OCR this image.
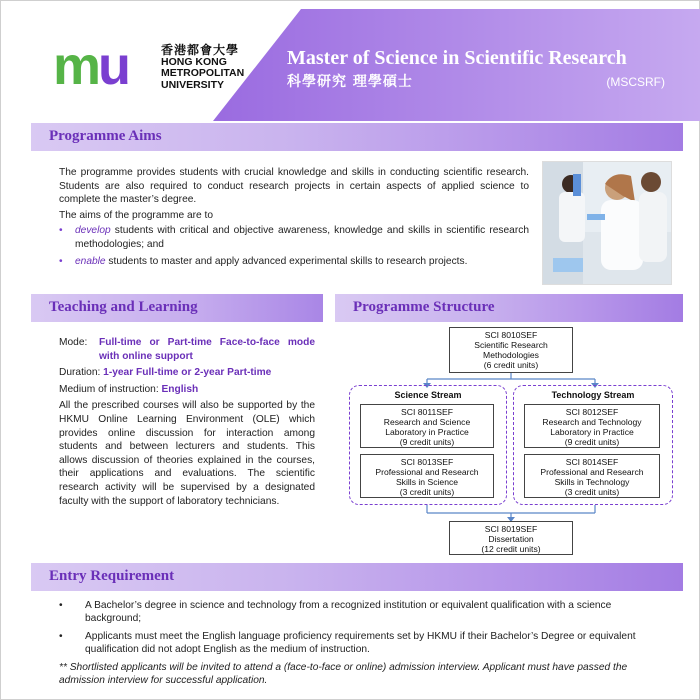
mu	香港都會大學
HONG KONG
METROPOLITAN
UNIVERSITY
Master of Science in Scientific Research
科學研究 理學碩士	(MSCSRF)
Programme Aims

The programme provides students with crucial knowledge and skills in conducting scientific research. Students are also required to conduct research projects in certain aspects of applied science to complete the master’s degree.

The aims of the programme are to

• develop students with critical and objective awareness, knowledge and skills in scientific research methodologies; and
• enable students to master and apply advanced experimental skills to research projects.
Teaching and Learning
Mode:	Full-time or Part-time Face-to-face mode with online support
Duration: 1-year Full-time or 2-year Part-time
Medium of instruction: English
All the prescribed courses will also be supported by the HKMU Online Learning Environment (OLE) which provides online discussion for interaction among students and between lecturers and students. This allows discussion of theories explained in the courses, their applications and evaluations. The scientific research activity will be supervised by a designated faculty with the support of laboratory technicians.
Programme Structure
SCI 8010SEF
Scientific Research
Methodologies
(6 credit units)
Science Stream
SCI 8011SEF
Research and Science
Laboratory in Practice
(9 credit units)
SCI 8013SEF
Professional and Research
Skills in Science
(3 credit units)
Technology Stream
SCI 8012SEF
Research and Technology
Laboratory in Practice
(9 credit units)
SCI 8014SEF
Professional and Research
Skills in Technology
(3 credit units)
SCI 8019SEF
Dissertation
(12 credit units)
Entry Requirement
• A Bachelor’s degree in science and technology from a recognized institution or equivalent qualification with a science background;
• Applicants must meet the English language proficiency requirements set by HKMU if their Bachelor’s Degree or equivalent qualification did not adopt English as the medium of instruction.
** Shortlisted applicants will be invited to attend a (face-to-face or online) admission interview. Applicant must have passed the admission interview for successful application.
